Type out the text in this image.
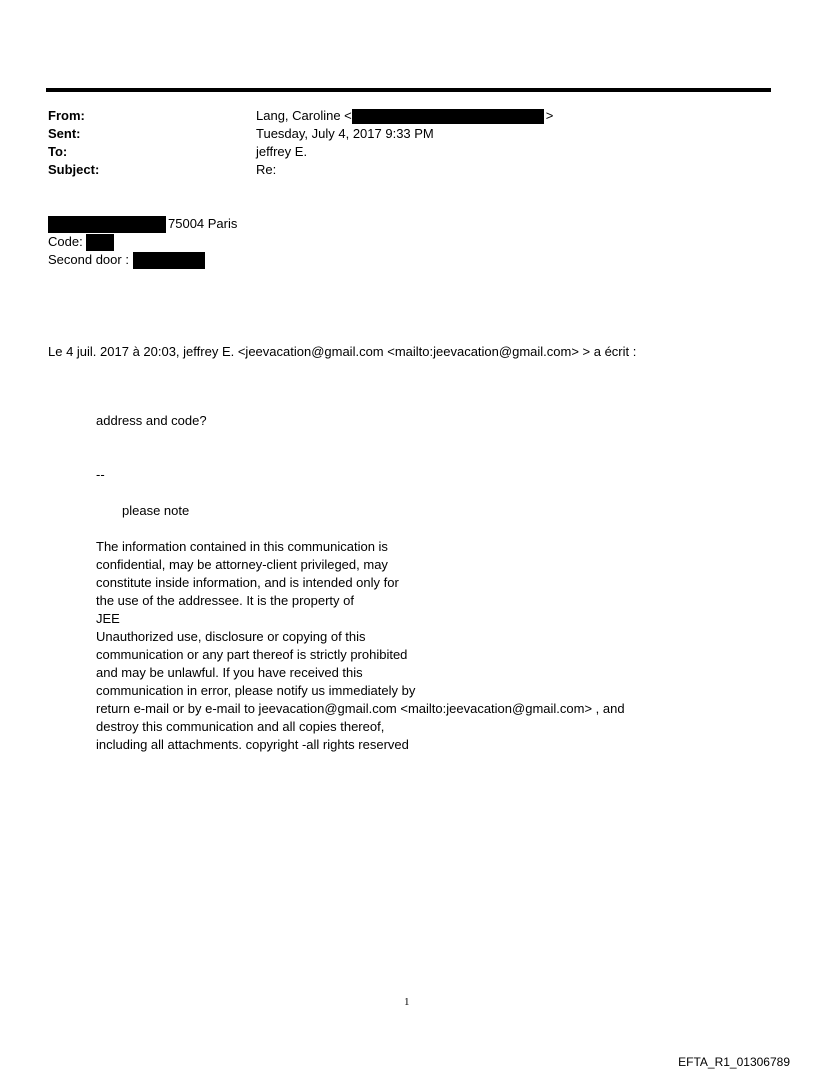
From:	Lang, Caroline <	>
Sent:	Tuesday, July 4, 2017 9:33 PM
To:	jeffrey E.
Subject:	Re:
75004 Paris
Code:
Second door :
Le 4 juil. 2017 à 20:03, jeffrey E. <jeevacation@gmail.com <mailto:jeevacation@gmail.com> > a écrit :
address and code?
--
please note
The information contained in this communication is
confidential, may be attorney-client privileged, may
constitute inside information, and is intended only for
the use of the addressee. It is the property of
JEE
Unauthorized use, disclosure or copying of this
communication or any part thereof is strictly prohibited
and may be unlawful. If you have received this
communication in error, please notify us immediately by
return e-mail or by e-mail to jeevacation@gmail.com <mailto:jeevacation@gmail.com> , and
destroy this communication and all copies thereof,
including all attachments. copyright -all rights reserved
1
EFTA_R1_01306789
